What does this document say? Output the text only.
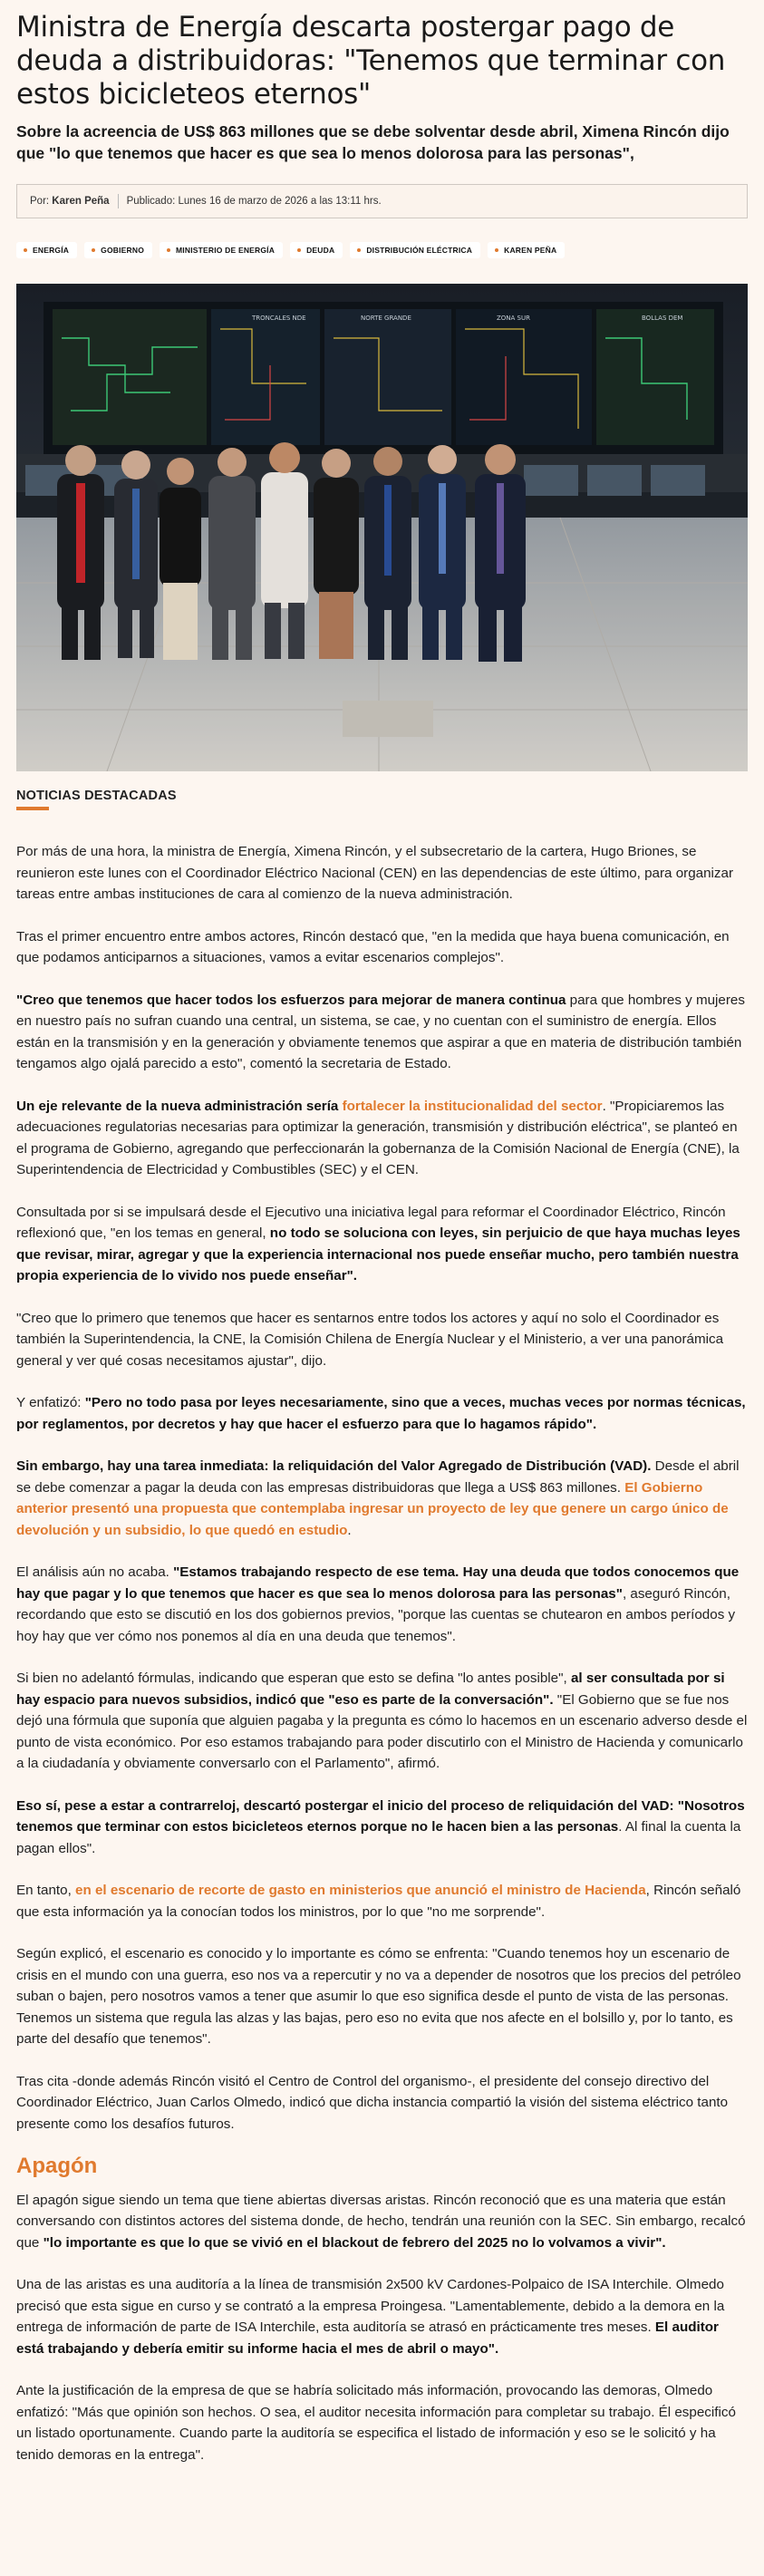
Ministra de Energía descarta postergar pago de deuda a distribuidoras: "Tenemos que terminar con estos bicicleteos eternos"
Sobre la acreencia de US$ 863 millones que se debe solventar desde abril, Ximena Rincón dijo que "lo que tenemos que hacer es que sea lo menos dolorosa para las personas",
Por:
Karen Peña Publicado: Lunes 16 de marzo de 2026 a las 13:11 hrs.
ENERGÍA	GOBIERNO	MINISTERIO DE ENERGÍA	DEUDA	DISTRIBUCIÓN ELÉCTRICA	KAREN PEÑA
TRONCALES NDE	NORTE GRANDE	ZONA SUR	BOLLAS DEM
NOTICIAS DESTACADAS

Por más de una hora, la ministra de Energía, Ximena Rincón, y el subsecretario de la cartera, Hugo Briones, se reunieron este lunes con el Coordinador Eléctrico Nacional (CEN) en las dependencias de este último, para organizar tareas entre ambas instituciones de cara al comienzo de la nueva administración.

Tras el primer encuentro entre ambos actores, Rincón destacó que, "en la medida que haya buena comunicación, en que podamos anticiparnos a situaciones, vamos a evitar escenarios complejos".

"Creo que tenemos que hacer todos los esfuerzos para mejorar de manera continua para que hombres y mujeres en nuestro país no sufran cuando una central, un sistema, se cae, y no cuentan con el suministro de energía. Ellos están en la transmisión y en la generación y obviamente tenemos que aspirar a que en materia de distribución también tengamos algo ojalá parecido a esto", comentó la secretaria de Estado.

Un eje relevante de la nueva administración sería fortalecer la institucionalidad del sector. "Propiciaremos las adecuaciones regulatorias necesarias para optimizar la generación, transmisión y distribución eléctrica", se planteó en el programa de Gobierno, agregando que perfeccionarán la gobernanza de la Comisión Nacional de Energía (CNE), la Superintendencia de Electricidad y Combustibles (SEC) y el CEN.

Consultada por si se impulsará desde el Ejecutivo una iniciativa legal para reformar el Coordinador Eléctrico, Rincón reflexionó que, "en los temas en general, no todo se soluciona con leyes, sin perjuicio de que haya muchas leyes que revisar, mirar, agregar y que la experiencia internacional nos puede enseñar mucho, pero también nuestra propia experiencia de lo vivido nos puede enseñar".

"Creo que lo primero que tenemos que hacer es sentarnos entre todos los actores y aquí no solo el Coordinador es también la Superintendencia, la CNE, la Comisión Chilena de Energía Nuclear y el Ministerio, a ver una panorámica general y ver qué cosas necesitamos ajustar", dijo.

Y enfatizó: "Pero no todo pasa por leyes necesariamente, sino que a veces, muchas veces por normas técnicas, por reglamentos, por decretos y hay que hacer el esfuerzo para que lo hagamos rápido".

Sin embargo, hay una tarea inmediata: la reliquidación del Valor Agregado de Distribución (VAD). Desde el abril se debe comenzar a pagar la deuda con las empresas distribuidoras que llega a US$ 863 millones. El Gobierno anterior presentó una propuesta que contemplaba ingresar un proyecto de ley que genere un cargo único de devolución y un subsidio, lo que quedó en estudio.

El análisis aún no acaba. "Estamos trabajando respecto de ese tema. Hay una deuda que todos conocemos que hay que pagar y lo que tenemos que hacer es que sea lo menos dolorosa para las personas", aseguró Rincón, recordando que esto se discutió en los dos gobiernos previos, "porque las cuentas se chutearon en ambos períodos y hoy hay que ver cómo nos ponemos al día en una deuda que tenemos".

Si bien no adelantó fórmulas, indicando que esperan que esto se defina "lo antes posible", al ser consultada por si hay espacio para nuevos subsidios, indicó que "eso es parte de la conversación". "El Gobierno que se fue nos dejó una fórmula que suponía que alguien pagaba y la pregunta es cómo lo hacemos en un escenario adverso desde el punto de vista económico. Por eso estamos trabajando para poder discutirlo con el Ministro de Hacienda y comunicarlo a la ciudadanía y obviamente conversarlo con el Parlamento", afirmó.

Eso sí, pese a estar a contrarreloj, descartó postergar el inicio del proceso de reliquidación del VAD: "Nosotros tenemos que terminar con estos bicicleteos eternos porque no le hacen bien a las personas. Al final la cuenta la pagan ellos".

En tanto, en el escenario de recorte de gasto en ministerios que anunció el ministro de Hacienda, Rincón señaló que esta información ya la conocían todos los ministros, por lo que "no me sorprende".

Según explicó, el escenario es conocido y lo importante es cómo se enfrenta: "Cuando tenemos hoy un escenario de crisis en el mundo con una guerra, eso nos va a repercutir y no va a depender de nosotros que los precios del petróleo suban o bajen, pero nosotros vamos a tener que asumir lo que eso significa desde el punto de vista de las personas. Tenemos un sistema que regula las alzas y las bajas, pero eso no evita que nos afecte en el bolsillo y, por lo tanto, es parte del desafío que tenemos".

Tras cita -donde además Rincón visitó el Centro de Control del organismo-, el presidente del consejo directivo del Coordinador Eléctrico, Juan Carlos Olmedo, indicó que dicha instancia compartió la visión del sistema eléctrico tanto presente como los desafíos futuros.

Apagón

El apagón sigue siendo un tema que tiene abiertas diversas aristas. Rincón reconoció que es una materia que están conversando con distintos actores del sistema donde, de hecho, tendrán una reunión con la SEC. Sin embargo, recalcó que "lo importante es que lo que se vivió en el blackout de febrero del 2025 no lo volvamos a vivir".

Una de las aristas es una auditoría a la línea de transmisión 2x500 kV Cardones-Polpaico de ISA Interchile. Olmedo precisó que esta sigue en curso y se contrató a la empresa Proingesa. "Lamentablemente, debido a la demora en la entrega de información de parte de ISA Interchile, esta auditoría se atrasó en prácticamente tres meses. El auditor está trabajando y debería emitir su informe hacia el mes de abril o mayo".

Ante la justificación de la empresa de que se habría solicitado más información, provocando las demoras, Olmedo enfatizó: "Más que opinión son hechos. O sea, el auditor necesita información para completar su trabajo. Él especificó un listado oportunamente. Cuando parte la auditoría se especifica el listado de información y eso se le solicitó y ha tenido demoras en la entrega".
